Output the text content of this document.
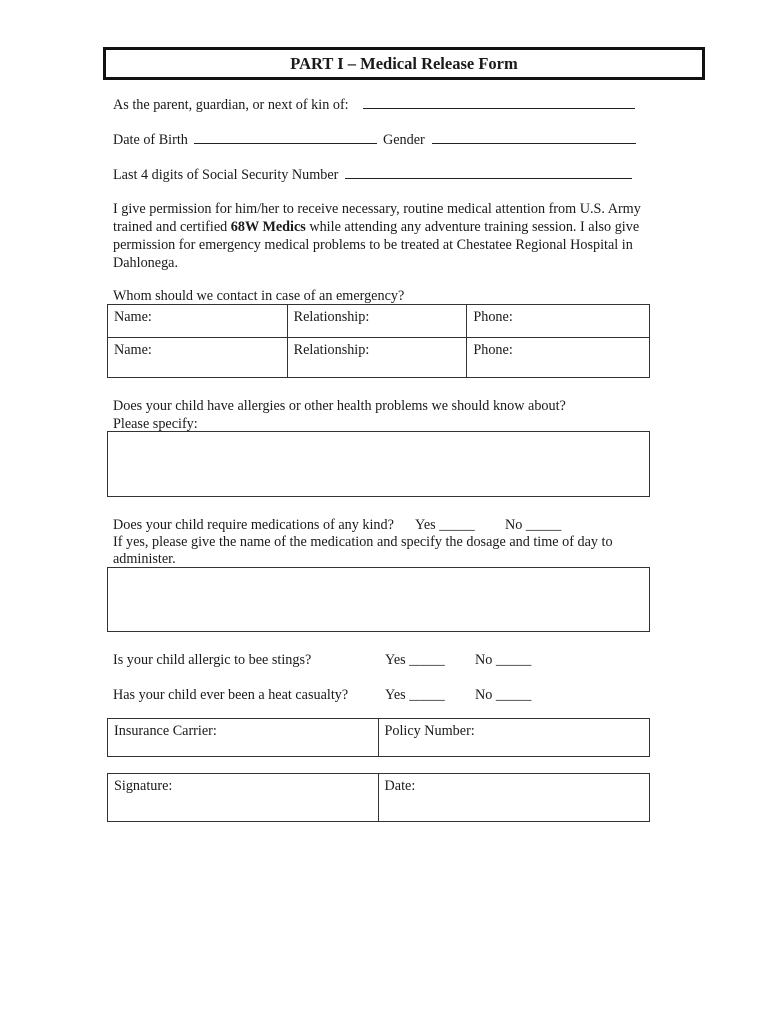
PART I – Medical Release Form
As the parent, guardian, or next of kin of:
Date of Birth	Gender
Last 4 digits of Social Security Number
I give permission for him/her to receive necessary, routine medical attention from U.S. Army trained and certified 68W Medics while attending any adventure training session. I also give permission for emergency medical problems to be treated at Chestatee Regional Hospital in Dahlonega.
Whom should we contact in case of an emergency?
Name:	Relationship:	Phone:
Name:	Relationship:	Phone:
Does your child have allergies or other health problems we should know about?
Please specify:
Does your child require medications of any kind? Yes _____ No _____
If yes, please give the name of the medication and specify the dosage and time of day to administer.
Is your child allergic to bee stings?	Yes _____ No _____
Has your child ever been a heat casualty?	Yes _____ No _____
Insurance Carrier:	Policy Number:
Signature:	Date:
